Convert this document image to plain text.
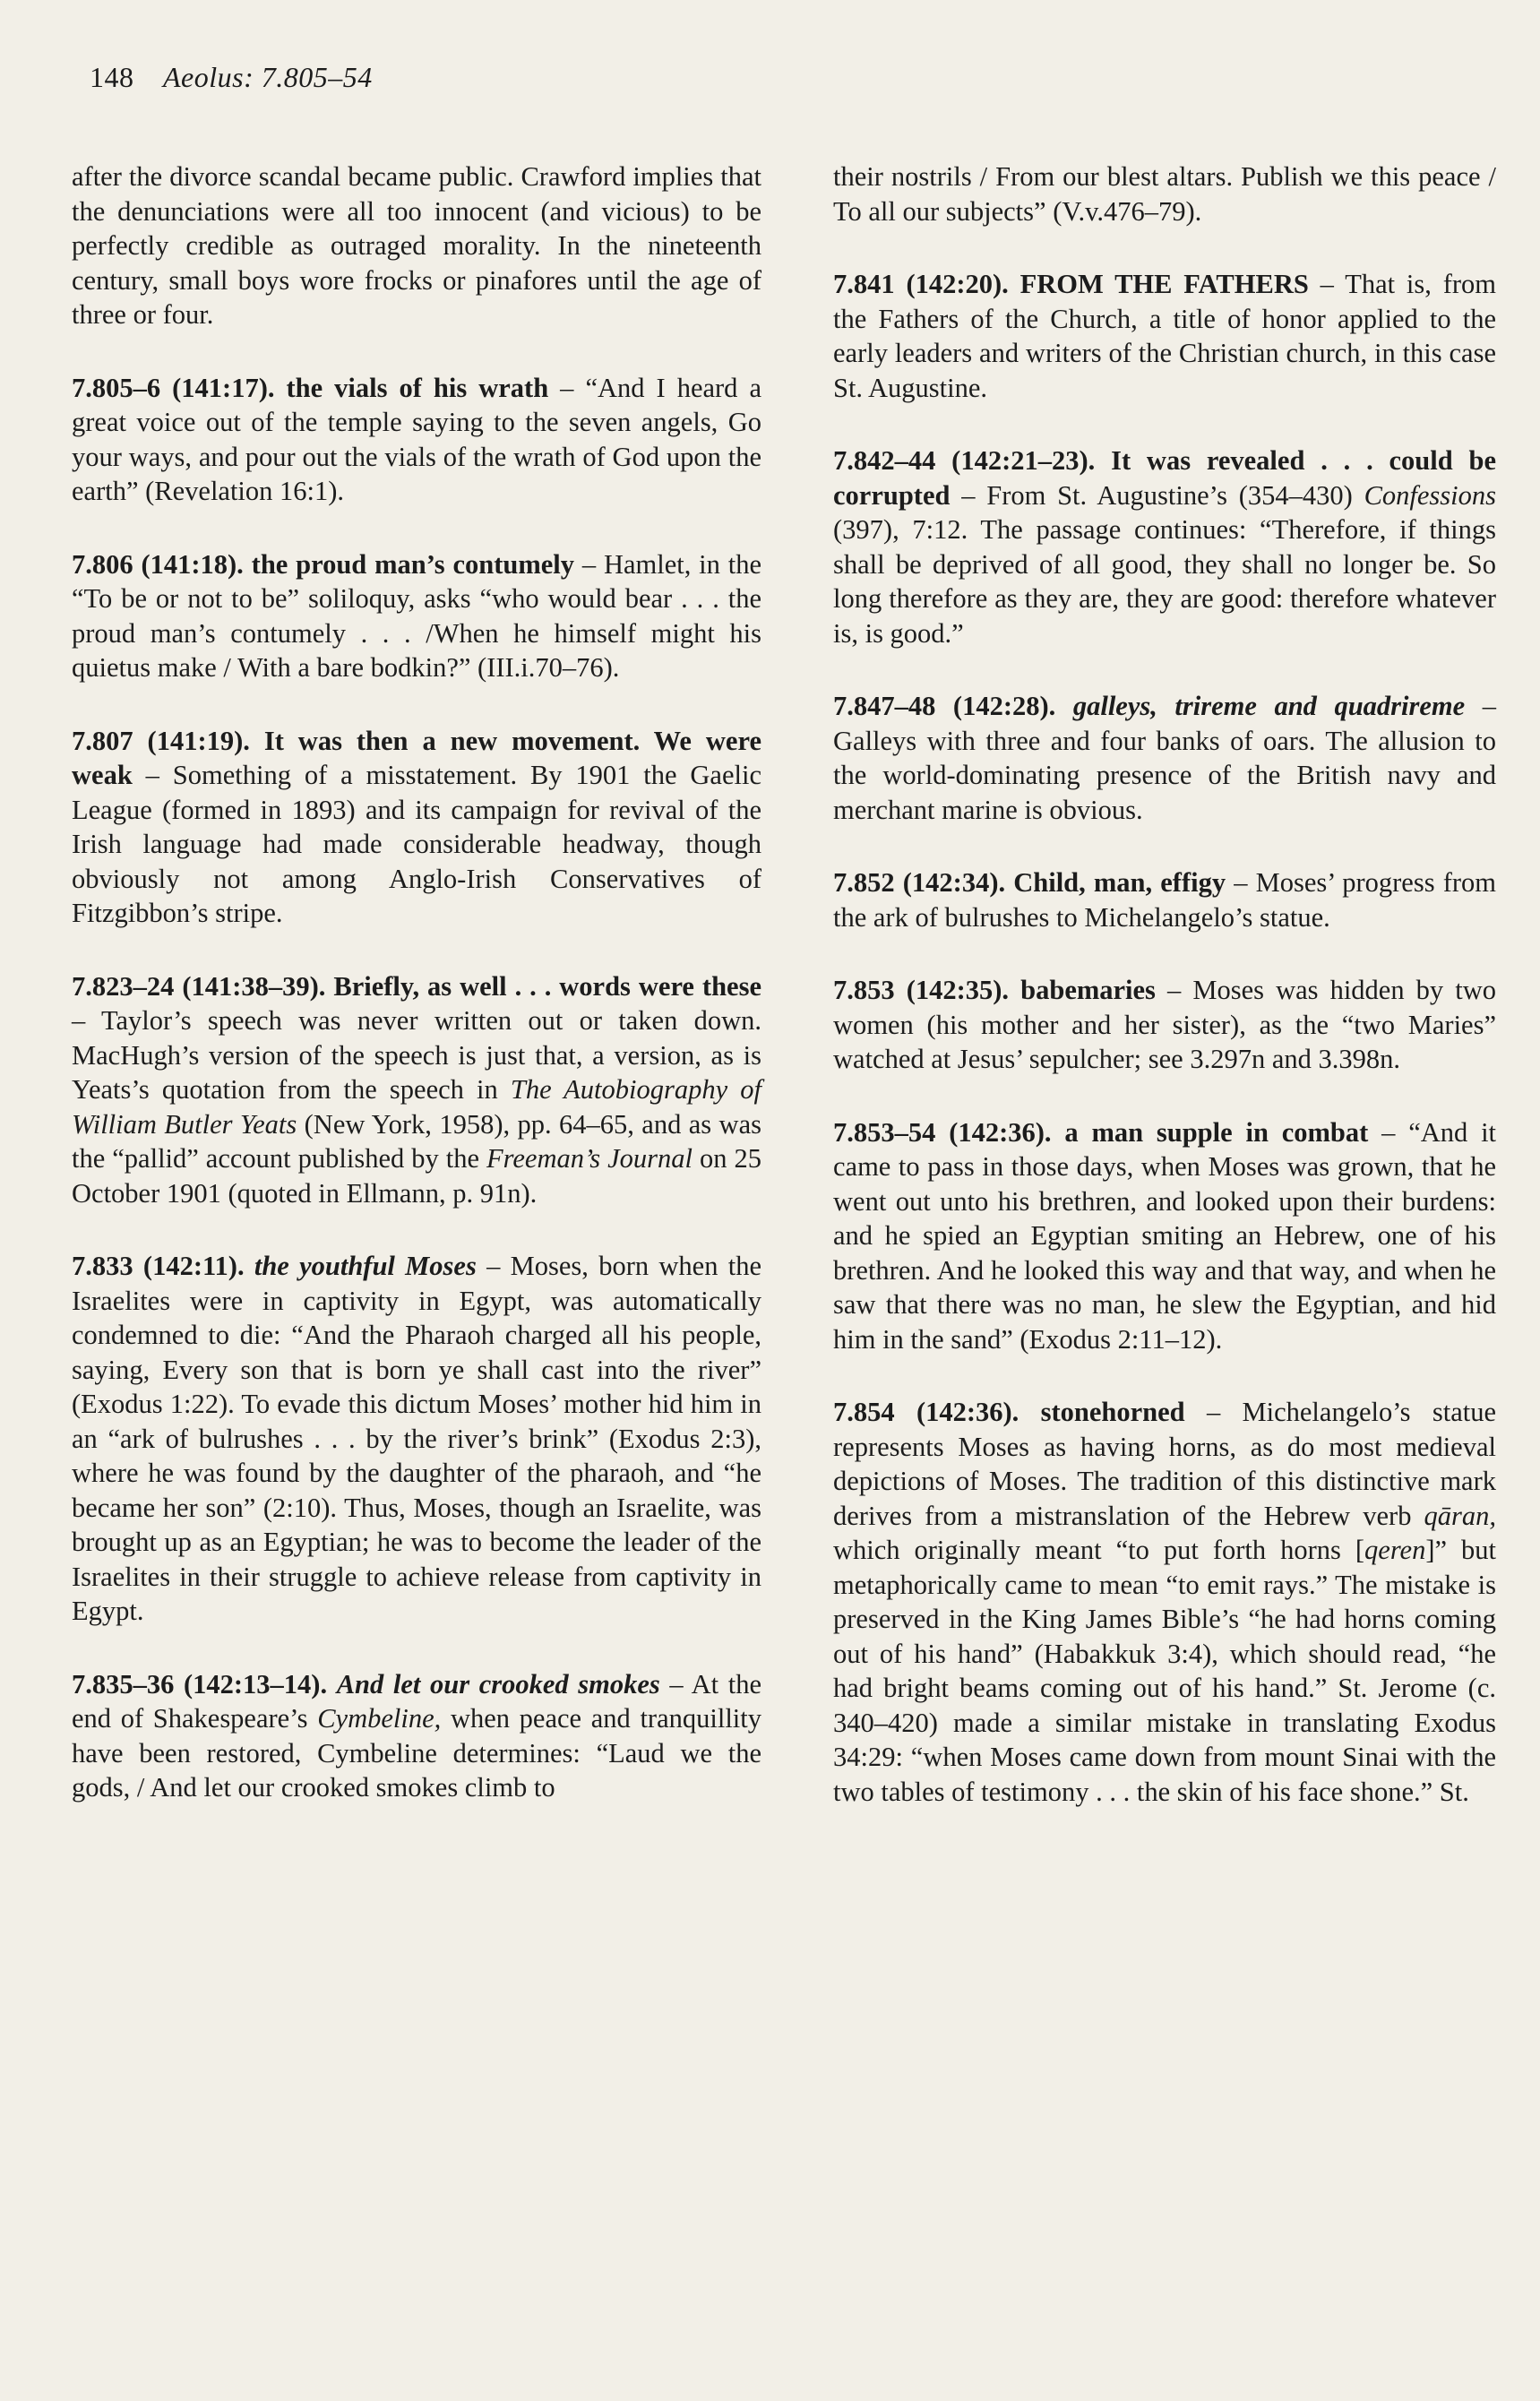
148 Aeolus: 7.805–54

after the divorce scandal became public. Crawford implies that the denunciations were all too innocent (and vicious) to be perfectly credible as outraged morality. In the nineteenth century, small boys wore frocks or pinafores until the age of three or four.

7.805–6 (141:17). the vials of his wrath – “And I heard a great voice out of the temple saying to the seven angels, Go your ways, and pour out the vials of the wrath of God upon the earth” (Revelation 16:1).

7.806 (141:18). the proud man’s contumely – Hamlet, in the “To be or not to be” soliloquy, asks “who would bear . . . the proud man’s contumely . . . /When he himself might his quietus make / With a bare bodkin?” (III.i.70–76).

7.807 (141:19). It was then a new movement. We were weak – Something of a misstatement. By 1901 the Gaelic League (formed in 1893) and its campaign for revival of the Irish language had made considerable headway, though obviously not among Anglo-Irish Conservatives of Fitzgibbon’s stripe.

7.823–24 (141:38–39). Briefly, as well . . . words were these – Taylor’s speech was never written out or taken down. MacHugh’s version of the speech is just that, a version, as is Yeats’s quotation from the speech in The Autobiography of William Butler Yeats (New York, 1958), pp. 64–65, and as was the “pallid” account published by the Freeman’s Journal on 25 October 1901 (quoted in Ellmann, p. 91n).

7.833 (142:11). the youthful Moses – Moses, born when the Israelites were in captivity in Egypt, was automatically condemned to die: “And the Pharaoh charged all his people, saying, Every son that is born ye shall cast into the river” (Exodus 1:22). To evade this dictum Moses’ mother hid him in an “ark of bulrushes . . . by the river’s brink” (Exodus 2:3), where he was found by the daughter of the pharaoh, and “he became her son” (2:10). Thus, Moses, though an Israelite, was brought up as an Egyptian; he was to become the leader of the Israelites in their struggle to achieve release from captivity in Egypt.

7.835–36 (142:13–14). And let our crooked smokes – At the end of Shakespeare’s Cymbeline, when peace and tranquillity have been restored, Cymbeline determines: “Laud we the gods, / And let our crooked smokes climb to

their nostrils / From our blest altars. Publish we this peace / To all our subjects” (V.v.476–79).

7.841 (142:20). FROM THE FATHERS – That is, from the Fathers of the Church, a title of honor applied to the early leaders and writers of the Christian church, in this case St. Augustine.

7.842–44 (142:21–23). It was revealed . . . could be corrupted – From St. Augustine’s (354–430) Confessions (397), 7:12. The passage continues: “Therefore, if things shall be deprived of all good, they shall no longer be. So long therefore as they are, they are good: therefore whatever is, is good.”

7.847–48 (142:28). galleys, trireme and quadrireme – Galleys with three and four banks of oars. The allusion to the world-dominating presence of the British navy and merchant marine is obvious.

7.852 (142:34). Child, man, effigy – Moses’ progress from the ark of bulrushes to Michelangelo’s statue.

7.853 (142:35). babemaries – Moses was hidden by two women (his mother and her sister), as the “two Maries” watched at Jesus’ sepulcher; see 3.297n and 3.398n.

7.853–54 (142:36). a man supple in combat – “And it came to pass in those days, when Moses was grown, that he went out unto his brethren, and looked upon their burdens: and he spied an Egyptian smiting an Hebrew, one of his brethren. And he looked this way and that way, and when he saw that there was no man, he slew the Egyptian, and hid him in the sand” (Exodus 2:11–12).

7.854 (142:36). stonehorned – Michelangelo’s statue represents Moses as having horns, as do most medieval depictions of Moses. The tradition of this distinctive mark derives from a mistranslation of the Hebrew verb qāran, which originally meant “to put forth horns [qeren]” but metaphorically came to mean “to emit rays.” The mistake is preserved in the King James Bible’s “he had horns coming out of his hand” (Habakkuk 3:4), which should read, “he had bright beams coming out of his hand.” St. Jerome (c. 340–420) made a similar mistake in translating Exodus 34:29: “when Moses came down from mount Sinai with the two tables of testimony . . . the skin of his face shone.” St.
